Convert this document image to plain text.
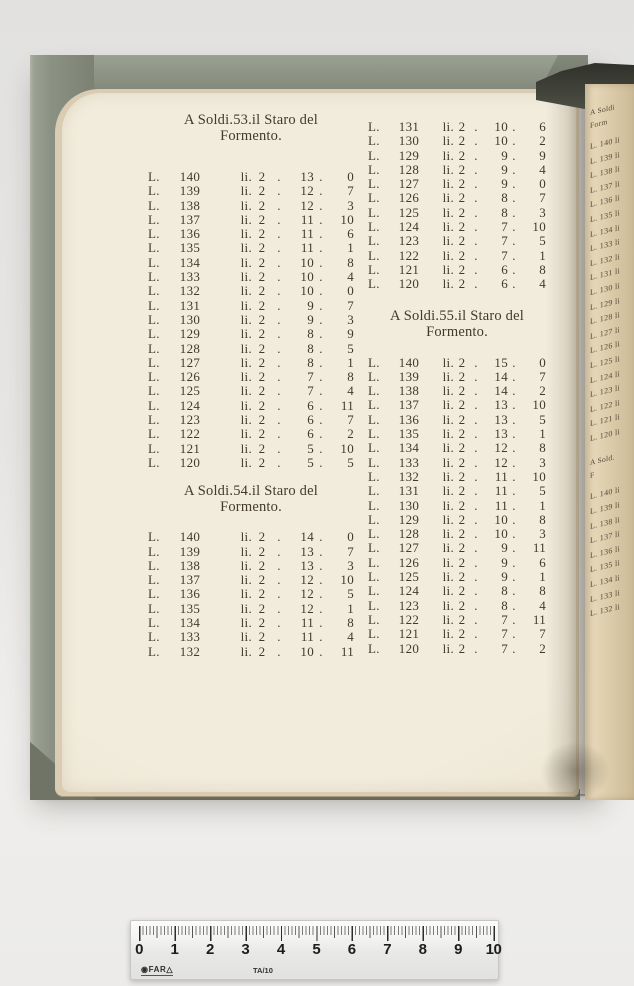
A Soldi.53.il Staro del
Formento.
L.	140	li. 2 .	13 .	0
L.	139	li. 2 .	12 .	7
L.	138	li. 2 .	12 .	3
L.	137	li. 2 .	11 .	10
L.	136	li. 2 .	11 .	6
L.	135	li. 2 .	11 .	1
L.	134	li. 2 .	10 .	8
L.	133	li. 2 .	10 .	4
L.	132	li. 2 .	10 .	0
L.	131	li. 2 .	9 .	7
L.	130	li. 2 .	9 .	3
L.	129	li. 2 .	8 .	9
L.	128	li. 2 .	8 .	5
L.	127	li. 2 .	8 .	1
L.	126	li. 2 .	7 .	8
L.	125	li. 2 .	7 .	4
L.	124	li. 2 .	6 .	11
L.	123	li. 2 .	6 .	7
L.	122	li. 2 .	6 .	2
L.	121	li. 2 .	5 .	10
L.	120	li. 2 .	5 .	5
A Soldi.54.il Staro del
Formento.
L.	140	li. 2 .	14 .	0
L.	139	li. 2 .	13 .	7
L.	138	li. 2 .	13 .	3
L.	137	li. 2 .	12 .	10
L.	136	li. 2 .	12 .	5
L.	135	li. 2 .	12 .	1
L.	134	li. 2 .	11 .	8
L.	133	li. 2 .	11 .	4
L.	132	li. 2 .	10 .	11
L.	131	li. 2 .	10 .	6
L.	130	li. 2 .	10 .	2
L.	129	li. 2 .	9 .	9
L.	128	li. 2 .	9 .	4
L.	127	li. 2 .	9 .	0
L.	126	li. 2 .	8 .	7
L.	125	li. 2 .	8 .	3
L.	124	li. 2 .	7 .	10
L.	123	li. 2 .	7 .	5
L.	122	li. 2 .	7 .	1
L.	121	li. 2 .	6 .	8
L.	120	li. 2 .	6 .	4
A Soldi.55.il Staro del
Formento.
L.	140	li. 2 .	15 .	0
L.	139	li. 2 .	14 .	7
L.	138	li. 2 .	14 .	2
L.	137	li. 2 .	13 .	10
L.	136	li. 2 .	13 .	5
L.	135	li. 2 .	13 .	1
L.	134	li. 2 .	12 .	8
L.	133	li. 2 .	12 .	3
L.	132	li. 2 .	11 .	10
L.	131	li. 2 .	11 .	5
L.	130	li. 2 .	11 .	1
L.	129	li. 2 .	10 .	8
L.	128	li. 2 .	10 .	3
L.	127	li. 2 .	9 .	11
L.	126	li. 2 .	9 .	6
L.	125	li. 2 .	9 .	1
L.	124	li. 2 .	8 .	8
L.	123	li. 2 .	8 .	4
L.	122	li. 2 .	7 .	11
L.	121	li. 2 .	7 .	7
L.	120	li. 2 .	7 .	2
A Soldi
Form
L. 140 li
L. 139 li
L. 138 li
L. 137 li
L. 136 li
L. 135 li
L. 134 li
L. 133 li
L. 132 li
L. 131 li
L. 130 li
L. 129 li
L. 128 li
L. 127 li
L. 126 li
L. 125 li
L. 124 li
L. 123 li
L. 122 li
L. 121 li
L. 120 li
A Sold.
F
L. 140 li
L. 139 li
L. 138 li
L. 137 li
L. 136 li
L. 135 li
L. 134 li
L. 133 li
L. 132 li
0 1 2 3 4 5 6 7 8 9 10
◉FAR△	TA/10
